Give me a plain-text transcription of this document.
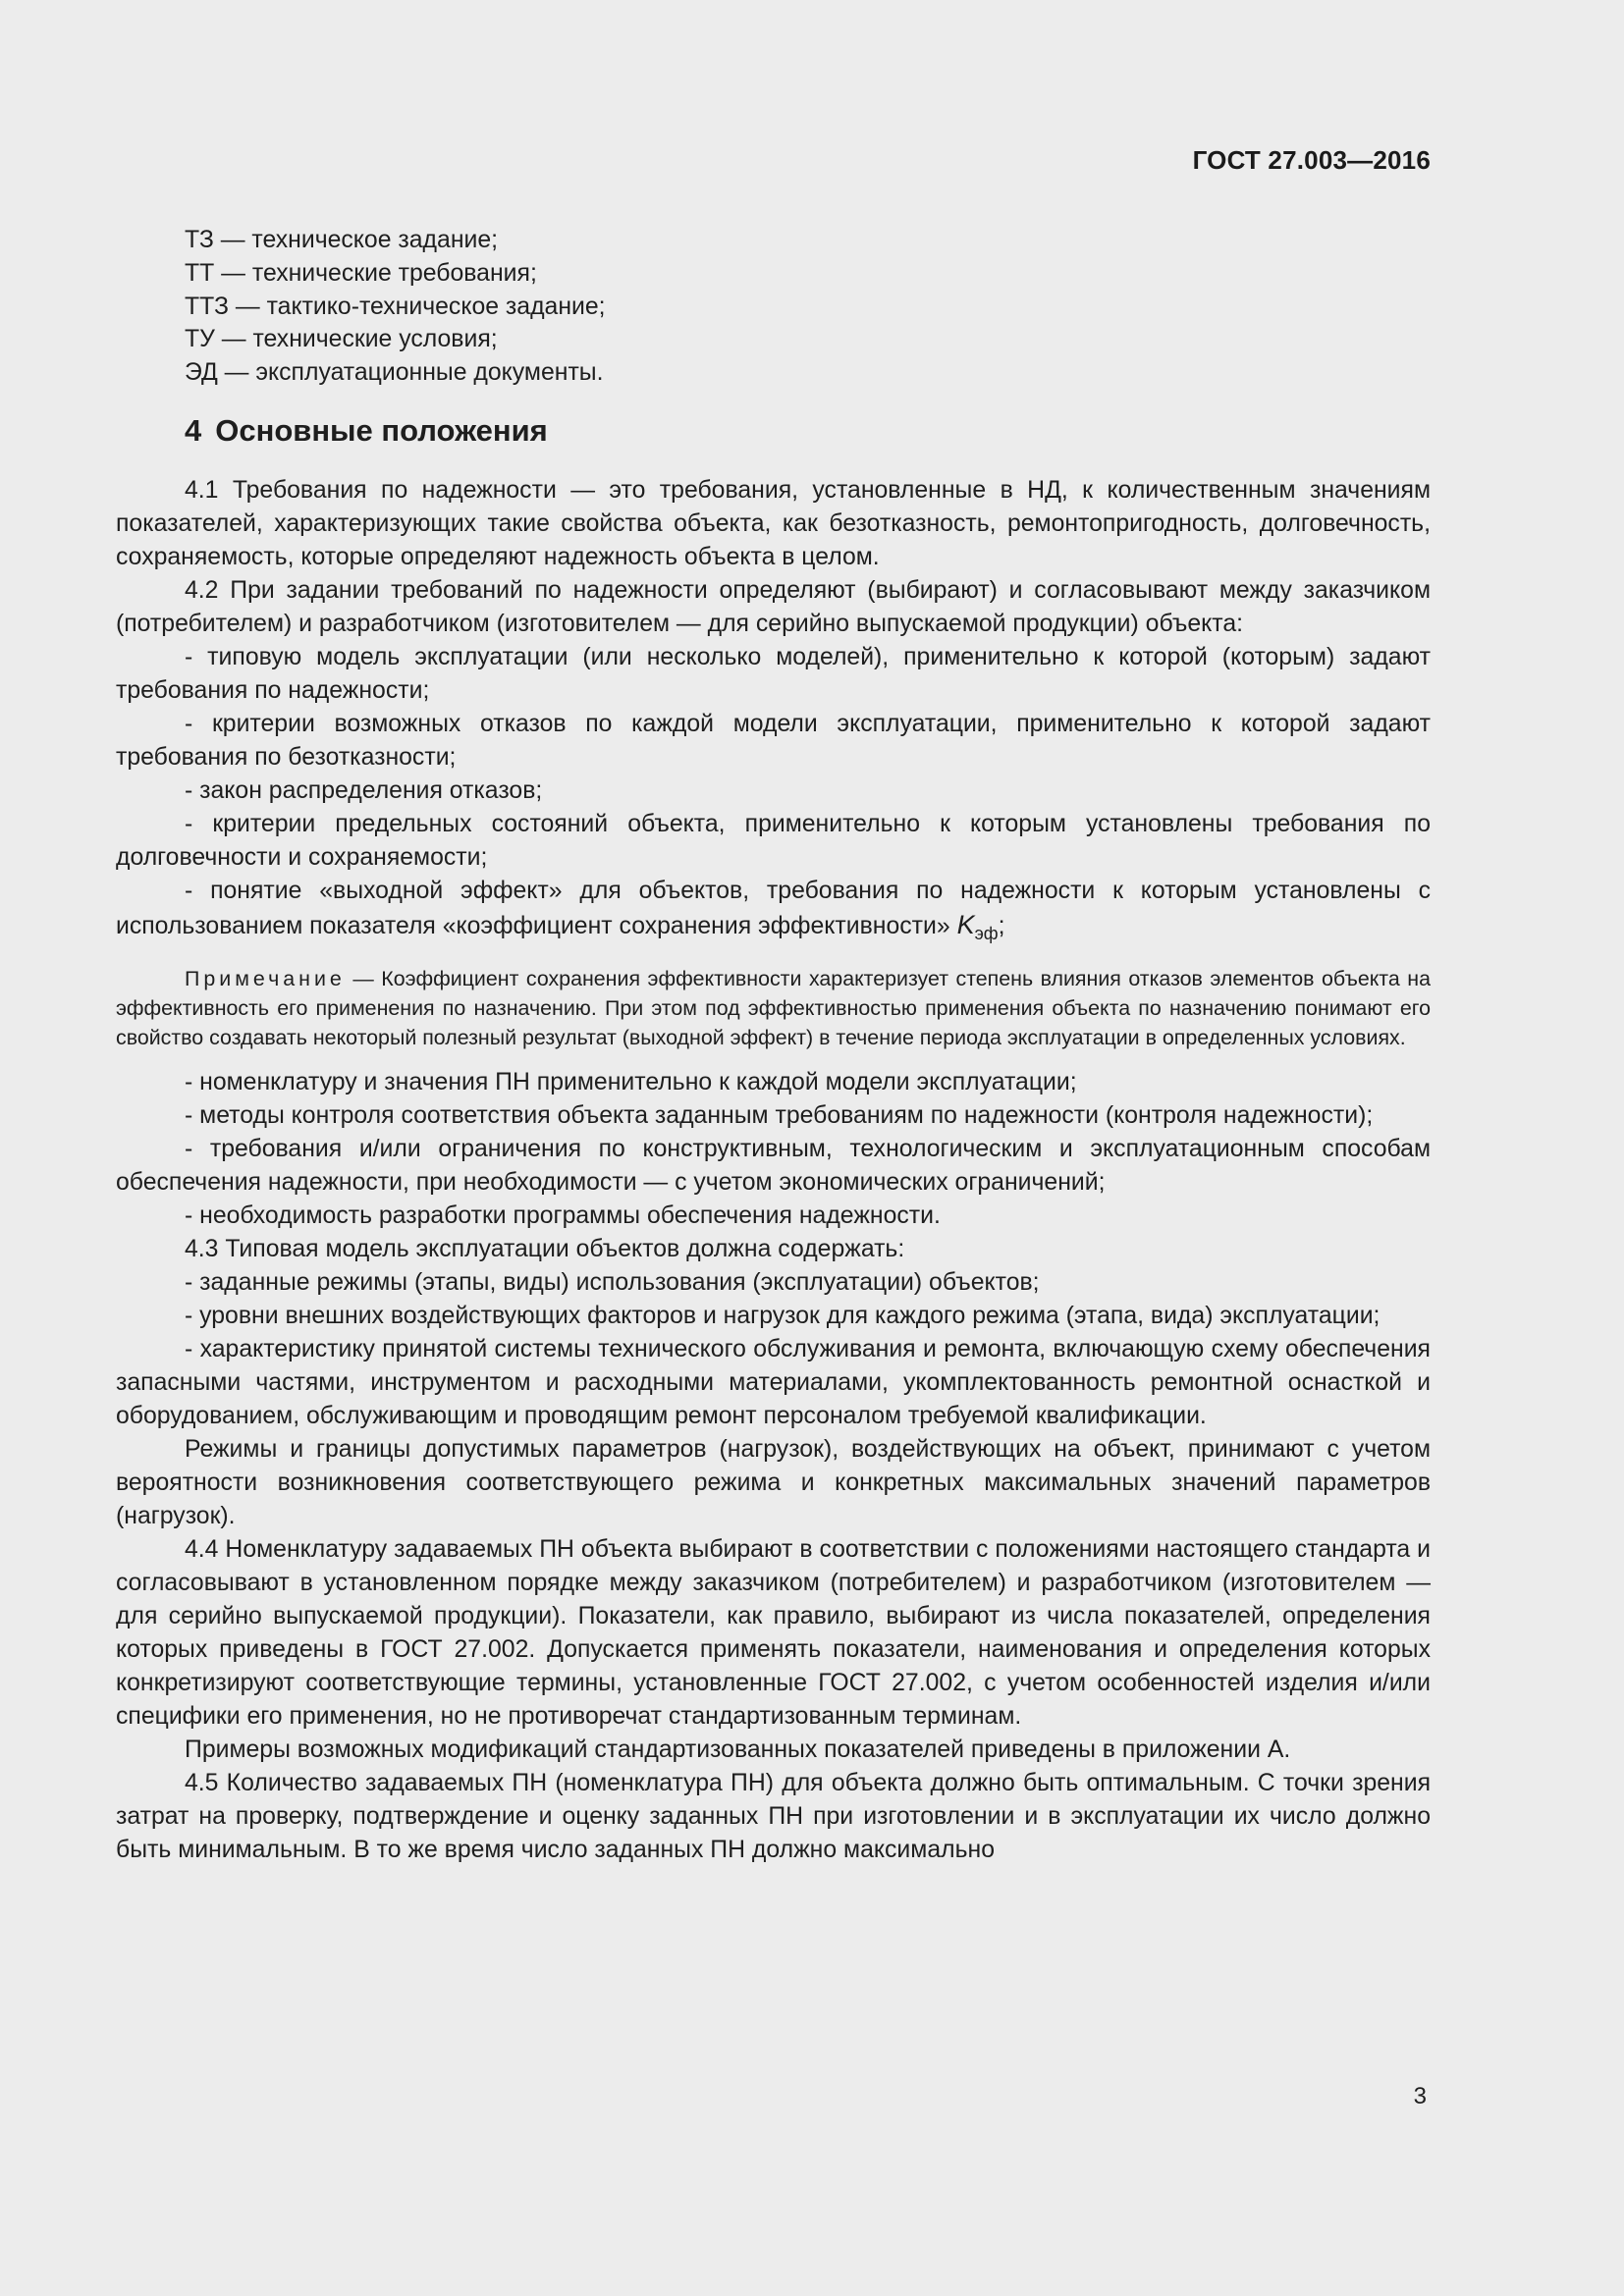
ГОСТ 27.003—2016
ТЗ — техническое задание;
ТТ — технические требования;
ТТЗ — тактико-техническое задание;
ТУ — технические условия;
ЭД — эксплуатационные документы.
4 Основные положения

4.1 Требования по надежности — это требования, установленные в НД, к количественным значениям показателей, характеризующих такие свойства объекта, как безотказность, ремонтопригодность, долговечность, сохраняемость, которые определяют надежность объекта в целом.

4.2 При задании требований по надежности определяют (выбирают) и согласовывают между заказчиком (потребителем) и разработчиком (изготовителем — для серийно выпускаемой продукции) объекта:

- типовую модель эксплуатации (или несколько моделей), применительно к которой (которым) задают требования по надежности;

- критерии возможных отказов по каждой модели эксплуатации, применительно к которой задают требования по безотказности;

- закон распределения отказов;

- критерии предельных состояний объекта, применительно к которым установлены требования по долговечности и сохраняемости;

- понятие «выходной эффект» для объектов, требования по надежности к которым установлены с использованием показателя «коэффициент сохранения эффективности» $K_{эф}$;

Примечание — Коэффициент сохранения эффективности характеризует степень влияния отказов элементов объекта на эффективность его применения по назначению. При этом под эффективностью применения объекта по назначению понимают его свойство создавать некоторый полезный результат (выходной эффект) в течение периода эксплуатации в определенных условиях.

- номенклатуру и значения ПН применительно к каждой модели эксплуатации;

- методы контроля соответствия объекта заданным требованиям по надежности (контроля надежности);

- требования и/или ограничения по конструктивным, технологическим и эксплуатационным способам обеспечения надежности, при необходимости — с учетом экономических ограничений;

- необходимость разработки программы обеспечения надежности.

4.3 Типовая модель эксплуатации объектов должна содержать:

- заданные режимы (этапы, виды) использования (эксплуатации) объектов;

- уровни внешних воздействующих факторов и нагрузок для каждого режима (этапа, вида) эксплуатации;

- характеристику принятой системы технического обслуживания и ремонта, включающую схему обеспечения запасными частями, инструментом и расходными материалами, укомплектованность ремонтной оснасткой и оборудованием, обслуживающим и проводящим ремонт персоналом требуемой квалификации.

Режимы и границы допустимых параметров (нагрузок), воздействующих на объект, принимают с учетом вероятности возникновения соответствующего режима и конкретных максимальных значений параметров (нагрузок).

4.4 Номенклатуру задаваемых ПН объекта выбирают в соответствии с положениями настоящего стандарта и согласовывают в установленном порядке между заказчиком (потребителем) и разработчиком (изготовителем — для серийно выпускаемой продукции). Показатели, как правило, выбирают из числа показателей, определения которых приведены в ГОСТ 27.002. Допускается применять показатели, наименования и определения которых конкретизируют соответствующие термины, установленные ГОСТ 27.002, с учетом особенностей изделия и/или специфики его применения, но не противоречат стандартизованным терминам.

Примеры возможных модификаций стандартизованных показателей приведены в приложении А.

4.5 Количество задаваемых ПН (номенклатура ПН) для объекта должно быть оптимальным. С точки зрения затрат на проверку, подтверждение и оценку заданных ПН при изготовлении и в эксплуатации их число должно быть минимальным. В то же время число заданных ПН должно максимально

3
